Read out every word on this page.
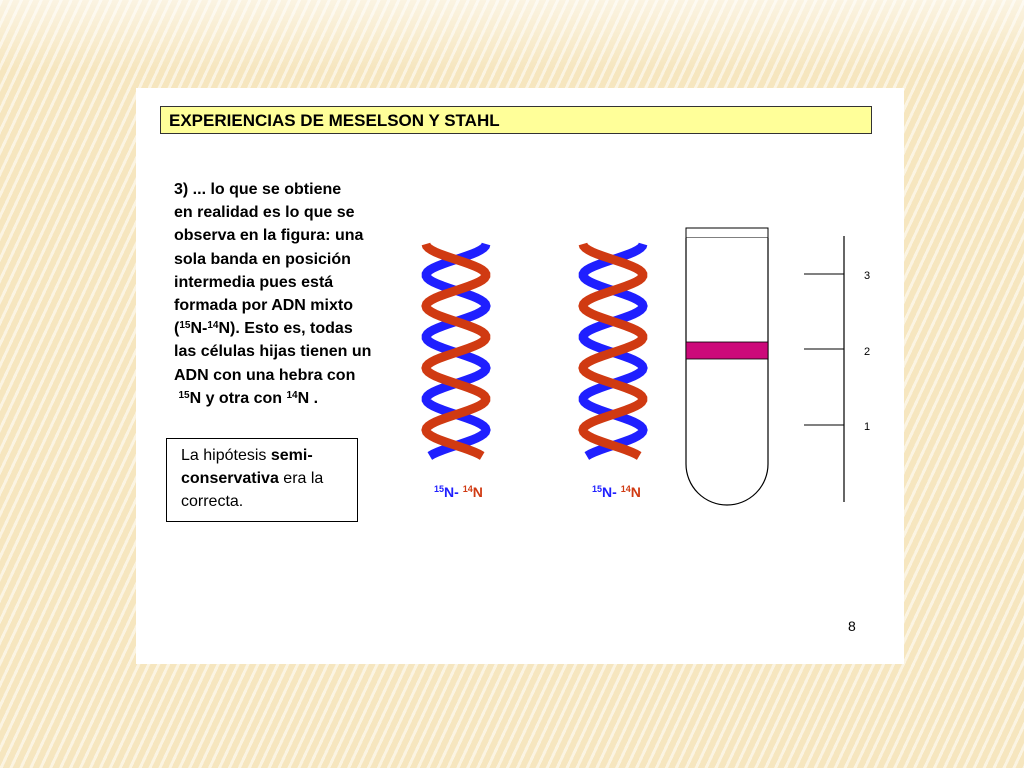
EXPERIENCIAS DE MESELSON Y STAHL

3) ... lo que se obtiene
en realidad es lo que se
observa en la figura: una
sola banda en posición
intermedia pues está
formada por ADN mixto
($^{15}$N-$^{14}$N). Esto es, todas
las células hijas tienen un
ADN con una hebra con
$^{15}$N y otra con $^{14}$N .

La hipótesis semi-conservativa era la correcta.
$^{15}$N- $^{14}$N	$^{15}$N- $^{14}$N
3
2
1
8
